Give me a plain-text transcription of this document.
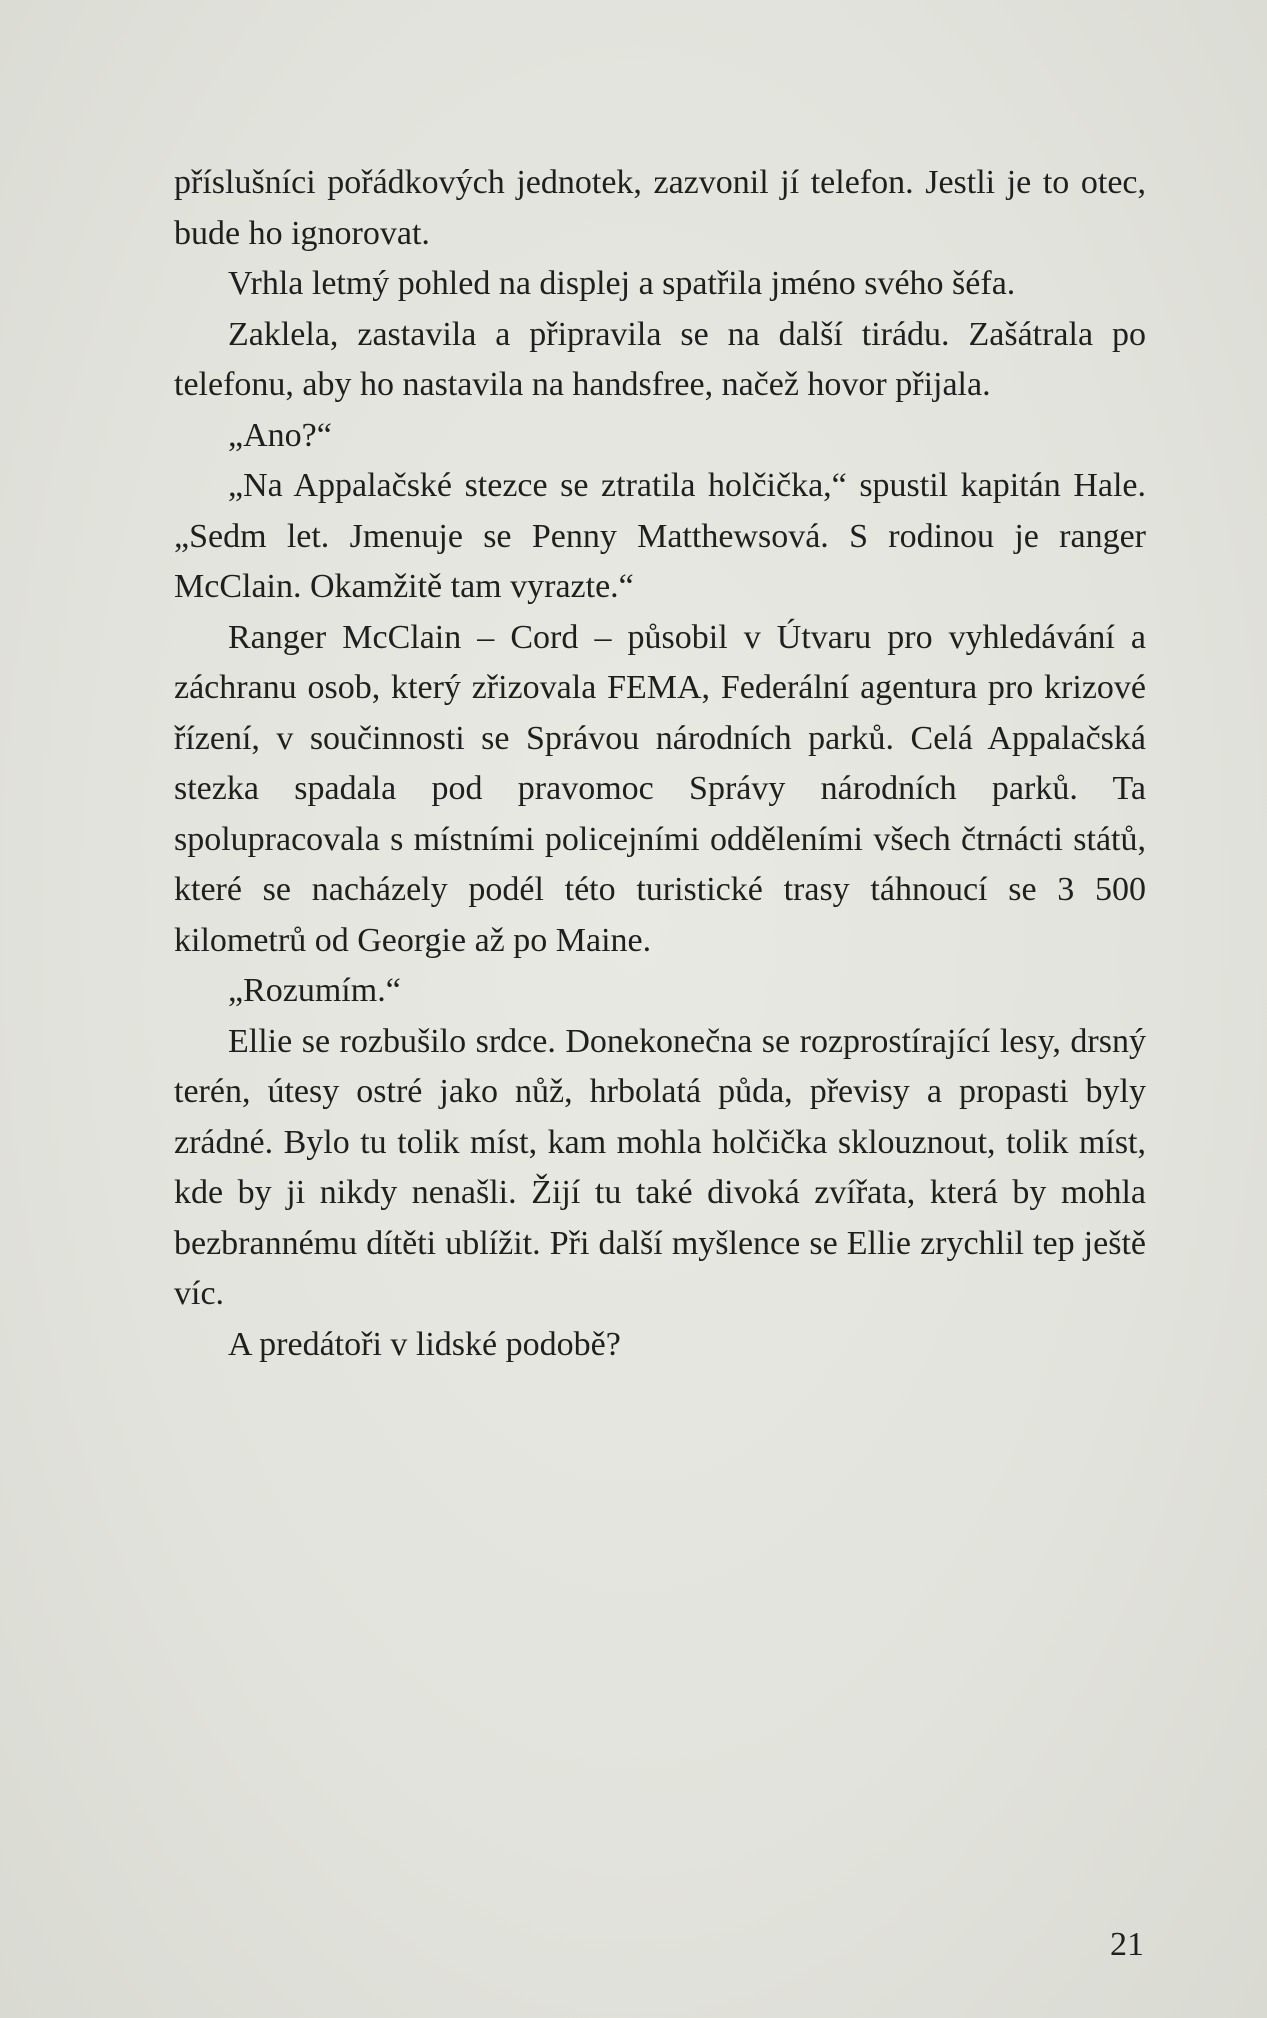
příslušníci pořádkových jednotek, zazvonil jí telefon. Jestli je to otec, bude ho ignorovat.

Vrhla letmý pohled na displej a spatřila jméno svého šéfa.

Zaklela, zastavila a připravila se na další tirádu. Zašátrala po telefonu, aby ho nastavila na handsfree, načež hovor přijala.

„Ano?“

„Na Appalačské stezce se ztratila holčička,“ spustil kapitán Hale. „Sedm let. Jmenuje se Penny Matthewsová. S rodinou je ranger McClain. Okamžitě tam vyrazte.“

Ranger McClain – Cord – působil v Útvaru pro vyhledávání a záchranu osob, který zřizovala FEMA, Federální agentura pro krizové řízení, v součinnosti se Správou národních parků. Celá Appalačská stezka spadala pod pravomoc Správy národních parků. Ta spolupracovala s místními policejními odděleními všech čtrnácti států, které se nacházely podél této turistické trasy táhnoucí se 3 500 kilometrů od Georgie až po Maine.

„Rozumím.“

Ellie se rozbušilo srdce. Donekonečna se rozprostírající lesy, drsný terén, útesy ostré jako nůž, hrbolatá půda, převisy a propasti byly zrádné. Bylo tu tolik míst, kam mohla holčička sklouznout, tolik míst, kde by ji nikdy nenašli. Žijí tu také divoká zvířata, která by mohla bezbrannému dítěti ublížit. Při další myšlence se Ellie zrychlil tep ještě víc.

A predátoři v lidské podobě?

21
